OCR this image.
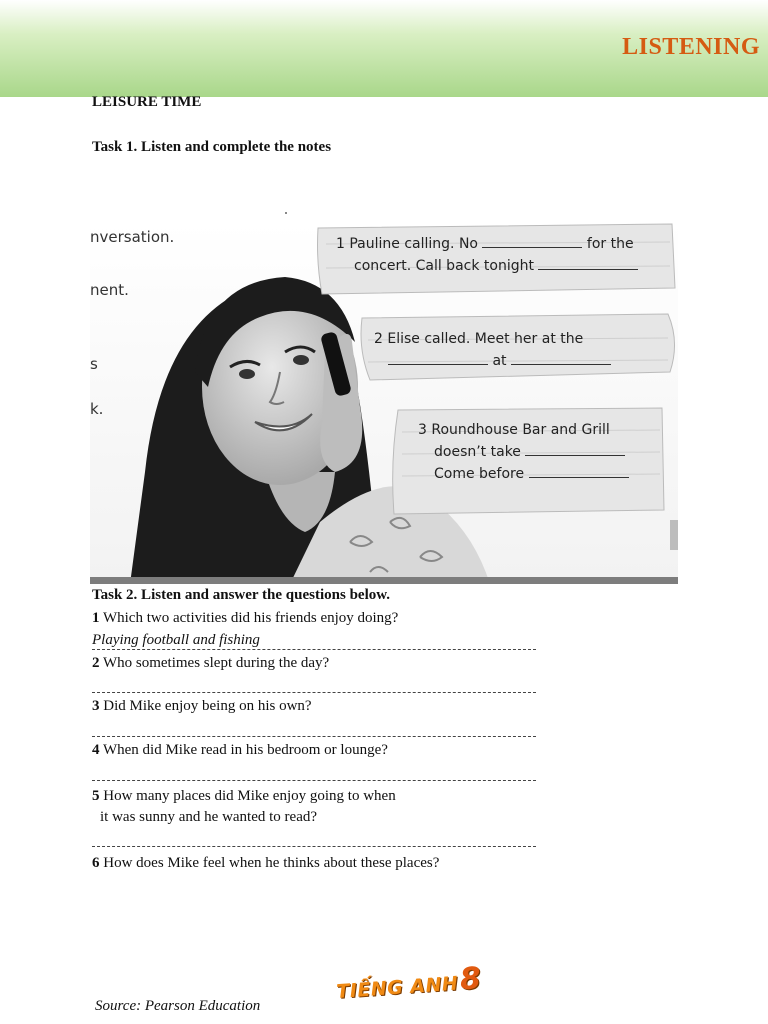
LISTENING
LEISURE TIME
Task 1. Listen and complete the notes
nversation.
nent.
s
k.
1 Pauline calling. No	for the
concert. Call back tonight
2 Elise called. Meet her at the
at
3 Roundhouse Bar and Grill
doesn’t take
Come before
Task 2. Listen and answer the questions below.
1 Which two activities did his friends enjoy doing?
Playing football and fishing
2 Who sometimes slept during the day?
3 Did Mike enjoy being on his own?
4 When did Mike read in his bedroom or lounge?
5 How many places did Mike enjoy going to when
it was sunny and he wanted to read?
6 How does Mike feel when he thinks about these places?
TIẾNG ANH8
Source: Pearson Education
